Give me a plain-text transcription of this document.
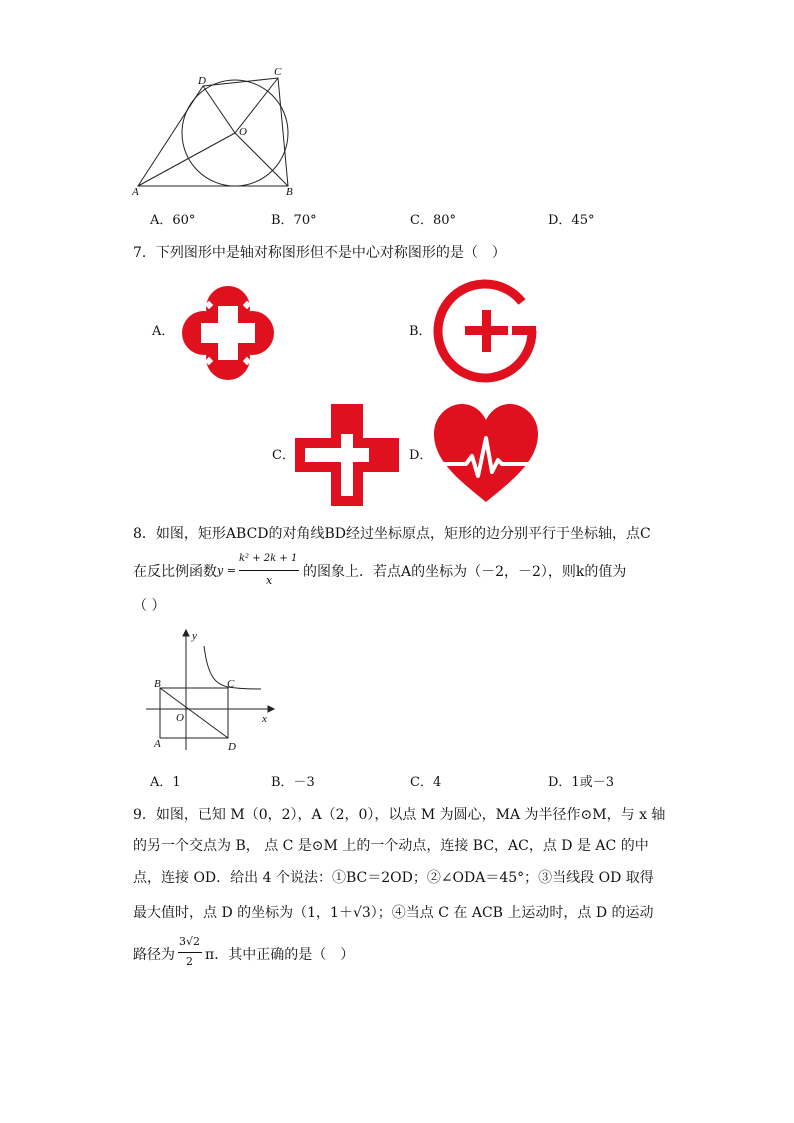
D
C
O
A	B
A．60°	B．70°	C．80°	D．45°
7．下列图形中是轴对称图形但不是中心对称图形的是（　）
A．	B．
C．	D．
8．如图，矩形ABCD的对角线BD经过坐标原点，矩形的边分别平行于坐标轴，点C
在反比例函数 y =
k² + 2k + 1
x
的图象上．若点A的坐标为（－2，－2），则k的值为
（ ）
y
B	C
O	x
A	D
A．1	B．－3	C．4	D．1或－3
9．如图，已知 M（0，2），A（2，0），以点 M 为圆心，MA 为半径作⊙M，与 x 轴
的另一个交点为 B， 点 C 是⊙M 上的一个动点，连接 BC，AC，点 D 是 AC 的中
点，连接 OD．给出 4 个说法：①BC＝2OD；②∠ODA＝45°；③当线段 OD 取得
最大值时，点 D 的坐标为（1，1＋√3）；④当点 C 在 ACB 上运动时，点 D 的运动
路径为
3√2
2 π．其中正确的是（　）
